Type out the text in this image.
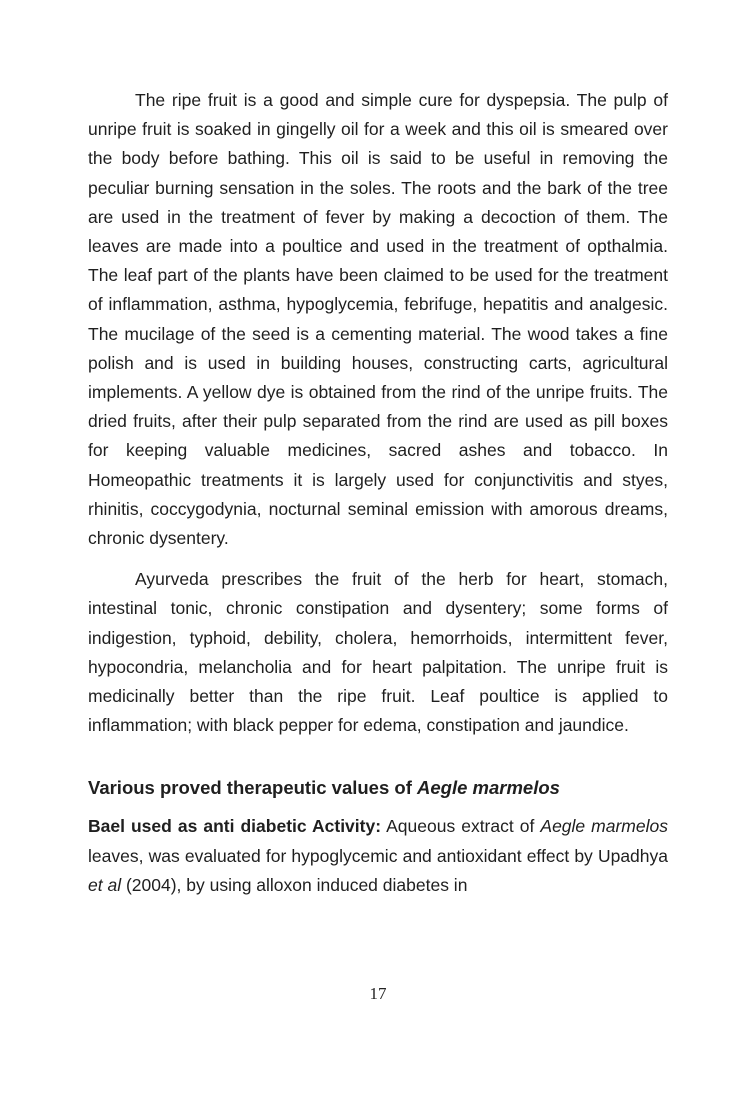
The ripe fruit is a good and simple cure for dyspepsia. The pulp of unripe fruit is soaked in gingelly oil for a week and this oil is smeared over the body before bathing. This oil is said to be useful in removing the peculiar burning sensation in the soles. The roots and the bark of the tree are used in the treatment of fever by making a decoction of them. The leaves are made into a poultice and used in the treatment of opthalmia. The leaf part of the plants have been claimed to be used for the treatment of inflammation, asthma, hypoglycemia, febrifuge, hepatitis and analgesic. The mucilage of the seed is a cementing material. The wood takes a fine polish and is used in building houses, constructing carts, agricultural implements. A yellow dye is obtained from the rind of the unripe fruits. The dried fruits, after their pulp separated from the rind are used as pill boxes for keeping valuable medicines, sacred ashes and tobacco. In Homeopathic treatments it is largely used for conjunctivitis and styes, rhinitis, coccygodynia, nocturnal seminal emission with amorous dreams, chronic dysentery.

Ayurveda prescribes the fruit of the herb for heart, stomach, intestinal tonic, chronic constipation and dysentery; some forms of indigestion, typhoid, debility, cholera, hemorrhoids, intermittent fever, hypocondria, melancholia and for heart palpitation. The unripe fruit is medicinally better than the ripe fruit. Leaf poultice is applied to inflammation; with black pepper for edema, constipation and jaundice.

Various proved therapeutic values of Aegle marmelos

Bael used as anti diabetic Activity: Aqueous extract of Aegle marmelos leaves, was evaluated for hypoglycemic and antioxidant effect by Upadhya et al (2004), by using alloxon induced diabetes in

17
